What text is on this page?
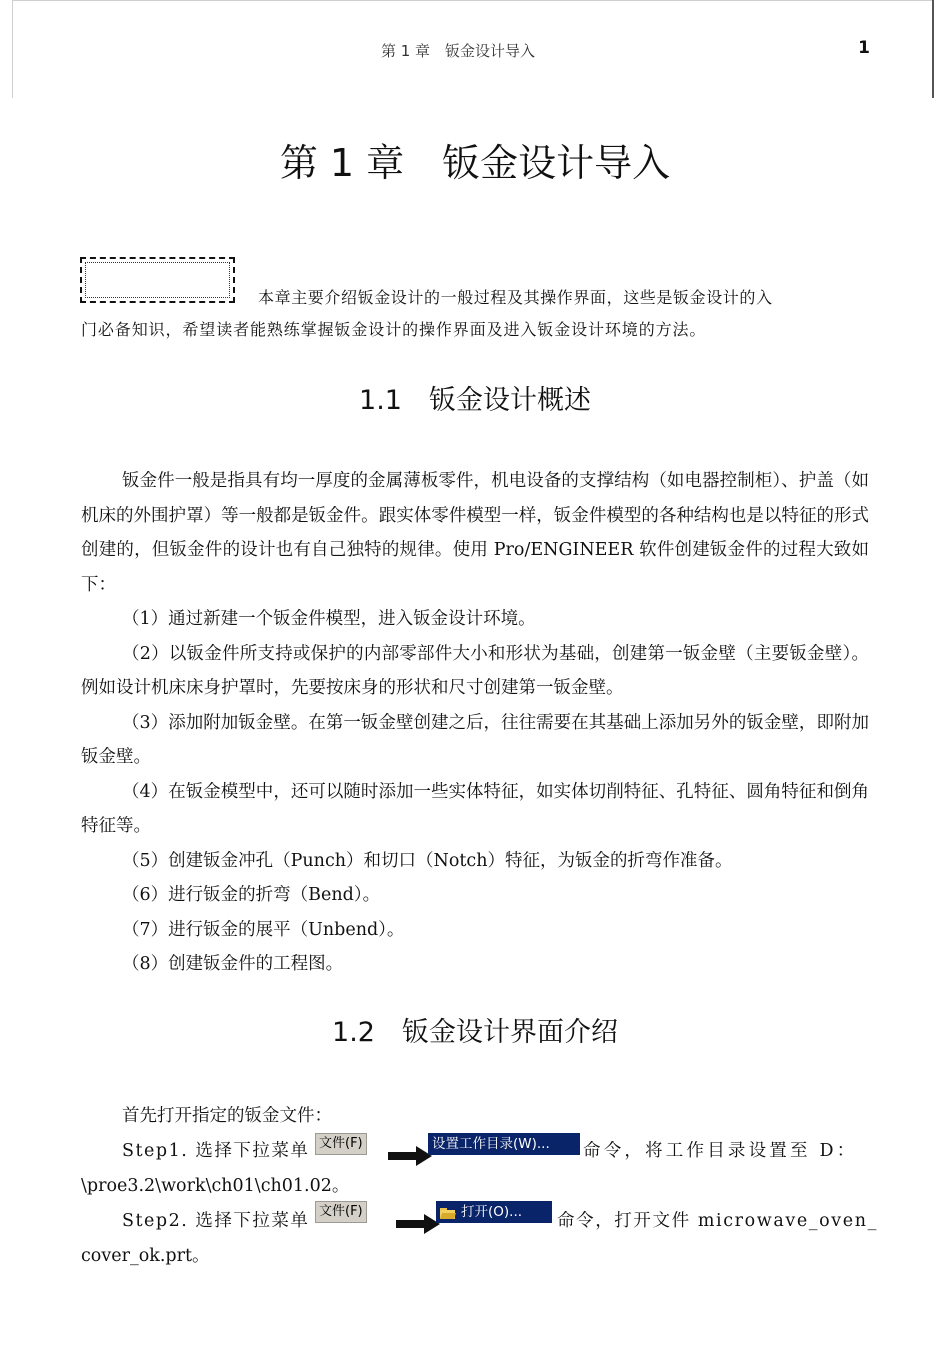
第 1 章　钣金设计导入	1
第 1 章　钣金设计导入
本章主要介绍钣金设计的一般过程及其操作界面，这些是钣金设计的入
门必备知识，希望读者能熟练掌握钣金设计的操作界面及进入钣金设计环境的方法。
1.1　钣金设计概述

钣金件一般是指具有均一厚度的金属薄板零件，机电设备的支撑结构（如电器控制柜）、护盖（如机床的外围护罩）等一般都是钣金件。跟实体零件模型一样，钣金件模型的各种结构也是以特征的形式创建的，但钣金件的设计也有自己独特的规律。使用 Pro/ENGINEER 软件创建钣金件的过程大致如下：

（1）通过新建一个钣金件模型，进入钣金设计环境。

（2）以钣金件所支持或保护的内部零部件大小和形状为基础，创建第一钣金壁（主要钣金壁）。例如设计机床床身护罩时，先要按床身的形状和尺寸创建第一钣金壁。

（3）添加附加钣金壁。在第一钣金壁创建之后，往往需要在其基础上添加另外的钣金壁，即附加钣金壁。

（4）在钣金模型中，还可以随时添加一些实体特征，如实体切削特征、孔特征、圆角特征和倒角特征等。

（5）创建钣金冲孔（Punch）和切口（Notch）特征，为钣金的折弯作准备。

（6）进行钣金的折弯（Bend）。

（7）进行钣金的展平（Unbend）。

（8）创建钣金件的工程图。

1.2　钣金设计界面介绍
首先打开指定的钣金文件：
Step1. 选择下拉菜单 文件(F)	设置工作目录(W)...	命令，将工作目录设置至 D：
\proe3.2\work\ch01\ch01.02。
Step2. 选择下拉菜单 文件(F)	打开(O)...	命令，打开文件 microwave_oven_
cover_ok.prt。
